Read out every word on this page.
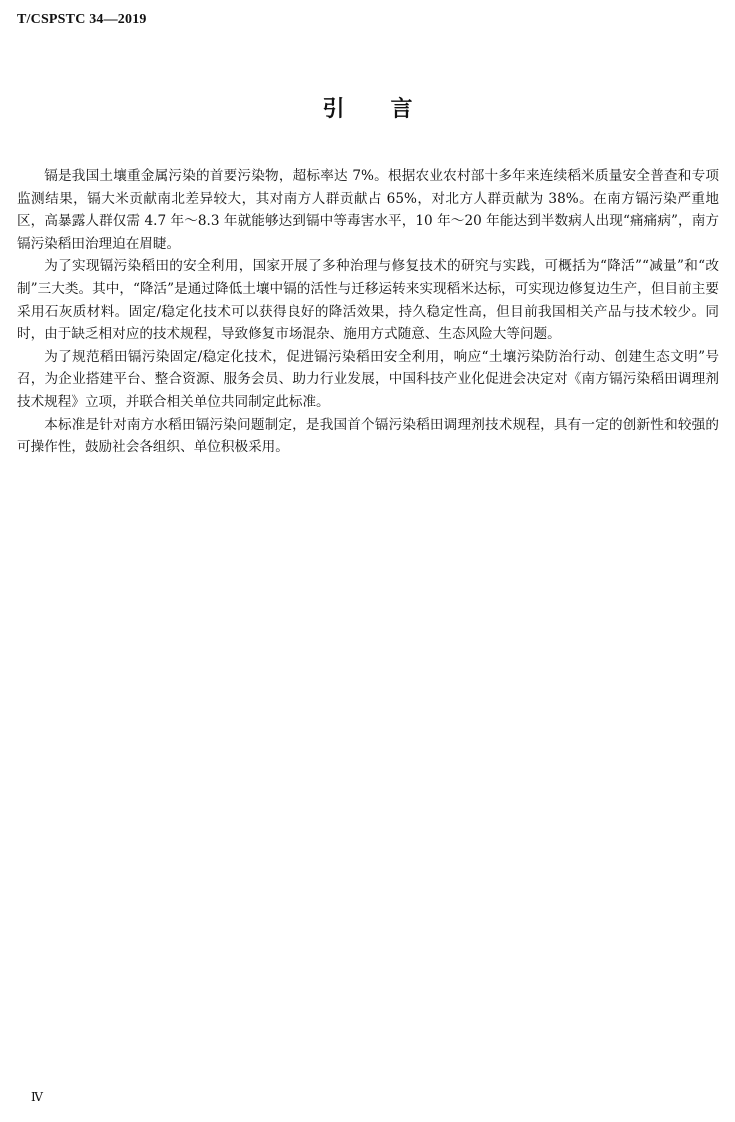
T/CSPSTC 34—2019
引言

镉是我国土壤重金属污染的首要污染物，超标率达 7%。根据农业农村部十多年来连续稻米质量安全普查和专项监测结果，镉大米贡献南北差异较大，其对南方人群贡献占 65%，对北方人群贡献为 38%。在南方镉污染严重地区，高暴露人群仅需 4.7 年～8.3 年就能够达到镉中等毒害水平，10 年～20 年能达到半数病人出现“痛痛病”，南方镉污染稻田治理迫在眉睫。

为了实现镉污染稻田的安全利用，国家开展了多种治理与修复技术的研究与实践，可概括为“降活”“减量”和“改制”三大类。其中，“降活”是通过降低土壤中镉的活性与迁移运转来实现稻米达标，可实现边修复边生产，但目前主要采用石灰质材料。固定/稳定化技术可以获得良好的降活效果，持久稳定性高，但目前我国相关产品与技术较少。同时，由于缺乏相对应的技术规程，导致修复市场混杂、施用方式随意、生态风险大等问题。

为了规范稻田镉污染固定/稳定化技术，促进镉污染稻田安全利用，响应“土壤污染防治行动、创建生态文明”号召，为企业搭建平台、整合资源、服务会员、助力行业发展，中国科技产业化促进会决定对《南方镉污染稻田调理剂技术规程》立项，并联合相关单位共同制定此标准。

本标准是针对南方水稻田镉污染问题制定，是我国首个镉污染稻田调理剂技术规程，具有一定的创新性和较强的可操作性，鼓励社会各组织、单位积极采用。

Ⅳ
